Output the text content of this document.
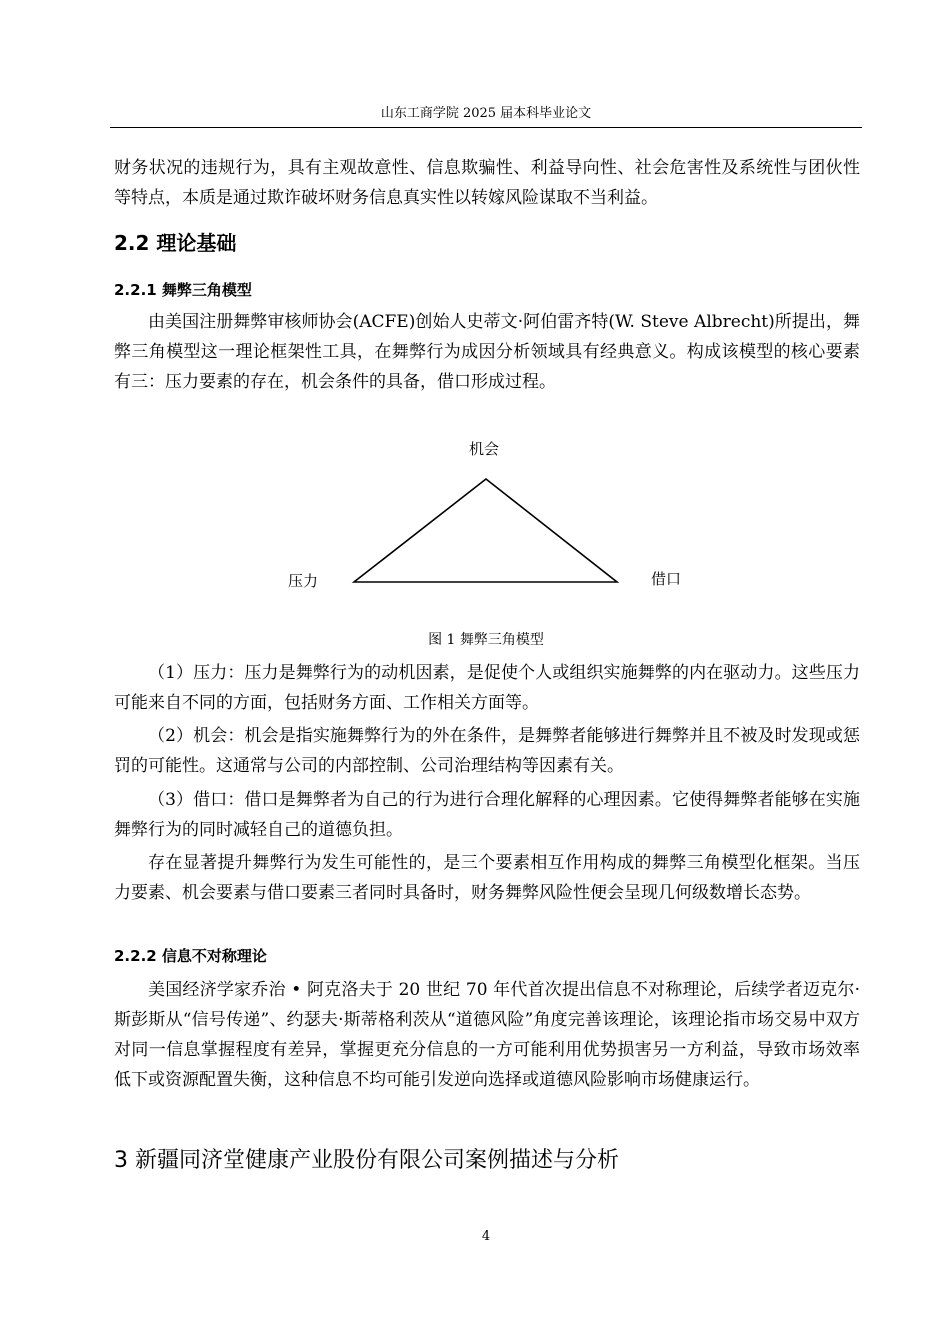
山东工商学院 2025 届本科毕业论文
财务状况的违规行为，具有主观故意性、信息欺骗性、利益导向性、社会危害性及系统性与团伙性等特点，本质是通过欺诈破坏财务信息真实性以转嫁风险谋取不当利益。
2.2 理论基础
2.2.1 舞弊三角模型
由美国注册舞弊审核师协会(ACFE)创始人史蒂文·阿伯雷齐特(W. Steve Albrecht)所提出，舞弊三角模型这一理论框架性工具，在舞弊行为成因分析领域具有经典意义。构成该模型的核心要素有三：压力要素的存在，机会条件的具备，借口形成过程。
机会
压力	借口
图 1 舞弊三角模型
（1）压力：压力是舞弊行为的动机因素，是促使个人或组织实施舞弊的内在驱动力。这些压力可能来自不同的方面，包括财务方面、工作相关方面等。
（2）机会：机会是指实施舞弊行为的外在条件，是舞弊者能够进行舞弊并且不被及时发现或惩罚的可能性。这通常与公司的内部控制、公司治理结构等因素有关。
（3）借口：借口是舞弊者为自己的行为进行合理化解释的心理因素。它使得舞弊者能够在实施舞弊行为的同时减轻自己的道德负担。
存在显著提升舞弊行为发生可能性的，是三个要素相互作用构成的舞弊三角模型化框架。当压力要素、机会要素与借口要素三者同时具备时，财务舞弊风险性便会呈现几何级数增长态势。
2.2.2 信息不对称理论
美国经济学家乔治 • 阿克洛夫于 20 世纪 70 年代首次提出信息不对称理论，后续学者迈克尔·斯彭斯从“信号传递”、约瑟夫·斯蒂格利茨从“道德风险”角度完善该理论，该理论指市场交易中双方对同一信息掌握程度有差异，掌握更充分信息的一方可能利用优势损害另一方利益，导致市场效率低下或资源配置失衡，这种信息不均可能引发逆向选择或道德风险影响市场健康运行。
3 新疆同济堂健康产业股份有限公司案例描述与分析
4
